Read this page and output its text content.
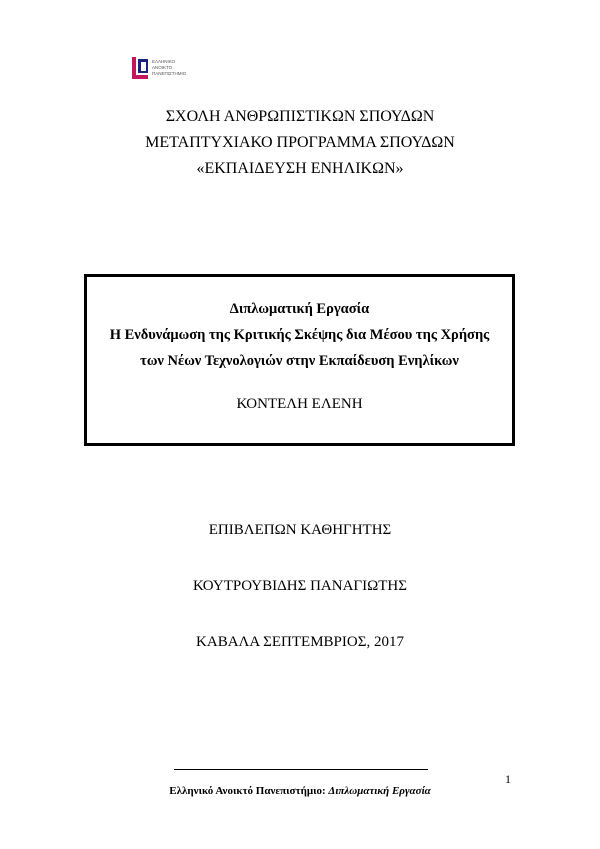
ΕΛΛΗΝΙΚΟ
ΑΝΟΙΚΤΟ
ΠΑΝΕΠΙΣΤΗΜΙΟ
ΣΧΟΛΗ ΑΝΘΡΩΠΙΣΤΙΚΩΝ ΣΠΟΥΔΩΝ
ΜΕΤΑΠΤΥΧΙΑΚΟ ΠΡΟΓΡΑΜΜΑ ΣΠΟΥΔΩΝ
«ΕΚΠΑΙΔΕΥΣΗ ΕΝΗΛΙΚΩΝ»
Διπλωματική Εργασία
Η Ενδυνάμωση της Κριτικής Σκέψης δια Μέσου της Χρήσης
των Νέων Τεχνολογιών στην Εκπαίδευση Ενηλίκων
ΚΟΝΤΕΛΗ ΕΛΕΝΗ
ΕΠΙΒΛΕΠΩΝ ΚΑΘΗΓΗΤΗΣ
ΚΟΥΤΡΟΥΒΙΔΗΣ ΠΑΝΑΓΙΩΤΗΣ
ΚΑΒΑΛΑ ΣΕΠΤΕΜΒΡΙΟΣ, 2017
1
Ελληνικό Ανοικτό Πανεπιστήμιο: Διπλωματική Εργασία
